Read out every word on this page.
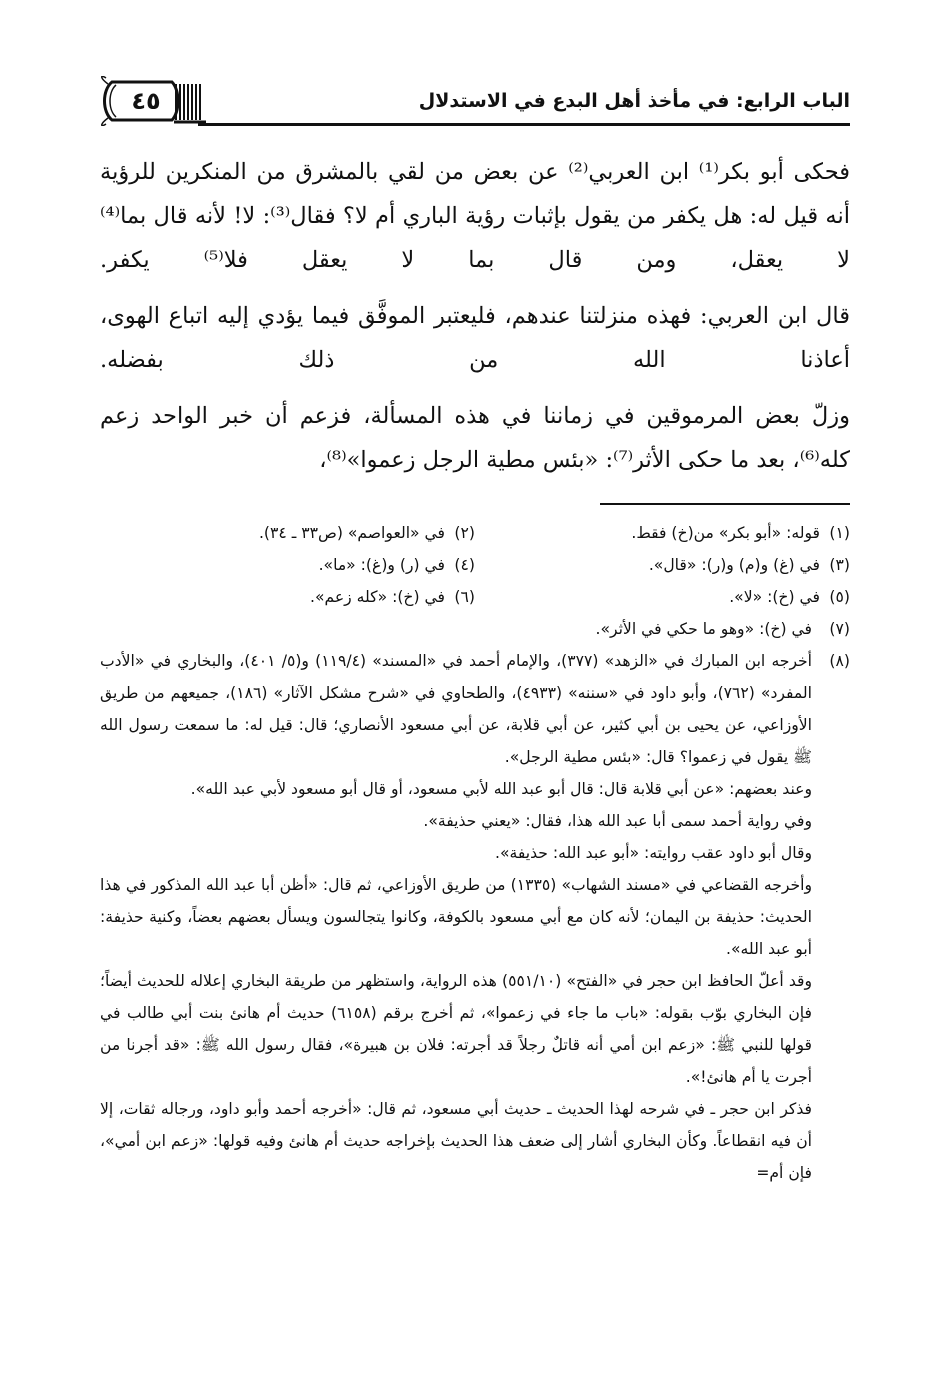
٤٥	الباب الرابع: في مأخذ أهل البدع في الاستدلال

فحكى أبو بكر⁽¹⁾ ابن العربي⁽²⁾ عن بعض من لقي بالمشرق من المنكرين للرؤية أنه قيل له: هل يكفر من يقول بإثبات رؤية الباري أم لا؟ فقال⁽³⁾: لا! لأنه قال بما⁽⁴⁾ لا يعقل، ومن قال بما لا يعقل فلا⁽⁵⁾ يكفر.

قال ابن العربي: فهذه منزلتنا عندهم، فليعتبر الموفَّق فيما يؤدي إليه اتباع الهوى، أعاذنا الله من ذلك بفضله.

وزلّ بعض المرموقين في زماننا في هذه المسألة، فزعم أن خبر الواحد زعم كله⁽⁶⁾، بعد ما حكى الأثر⁽⁷⁾: «بئس مطية الرجل زعموا»⁽⁸⁾،

(١)
قوله: «أبو بكر» من(خ) فقط.
(٢)
في «العواصم» (ص٣٣ ـ ٣٤).
(٣)
في (غ) و(م) و(ر): «قال».
(٤)
في (ر) و(غ): «ما».
(٥)
في (خ): «لا».
(٦)
في (خ): «كله زعم».
(٧)

في (خ): «وهو ما حكي في الأثر».

(٨)

أخرجه ابن المبارك في «الزهد» (٣٧٧)، والإمام أحمد في «المسند» (١١٩/٤) و(٥/ ٤٠١)، والبخاري في «الأدب المفرد» (٧٦٢)، وأبو داود في «سننه» (٤٩٣٣)، والطحاوي في «شرح مشكل الآثار» (١٨٦)، جميعهم من طريق الأوزاعي، عن يحيى بن أبي كثير، عن أبي قلابة، عن أبي مسعود الأنصاري؛ قال: قيل له: ما سمعت رسول الله ﷺ يقول في زعموا؟ قال: «بئس مطية الرجل».

وعند بعضهم: «عن أبي قلابة قال: قال أبو عبد الله لأبي مسعود، أو قال أبو مسعود لأبي عبد الله».

وفي رواية أحمد سمى أبا عبد الله هذا، فقال: «يعني حذيفة».

وقال أبو داود عقب روايته: «أبو عبد الله: حذيفة».

وأخرجه القضاعي في «مسند الشهاب» (١٣٣٥) من طريق الأوزاعي، ثم قال: «أظن أبا عبد الله المذكور في هذا الحديث: حذيفة بن اليمان؛ لأنه كان مع أبي مسعود بالكوفة، وكانوا يتجالسون ويسأل بعضهم بعضاً، وكنية حذيفة: أبو عبد الله».

وقد أعلّ الحافظ ابن حجر في «الفتح» (٥٥١/١٠) هذه الرواية، واستظهر من طريقة البخاري إعلاله للحديث أيضاً؛ فإن البخاري بوّب بقوله: «باب ما جاء في زعموا»، ثم أخرج برقم (٦١٥٨) حديث أم هانئ بنت أبي طالب في قولها للنبي ﷺ: «زعم ابن أمي أنه قاتلٌ رجلاً قد أجرته: فلان بن هبيرة»، فقال رسول الله ﷺ: «قد أجرنا من أجرت يا أم هانئ!».

فذكر ابن حجر ـ في شرحه لهذا الحديث ـ حديث أبي مسعود، ثم قال: «أخرجه أحمد وأبو داود، ورجاله ثقات، إلا أن فيه انقطاعاً. وكأن البخاري أشار إلى ضعف هذا الحديث بإخراجه حديث أم هانئ وفيه قولها: «زعم ابن أمي»، فإن أم=
